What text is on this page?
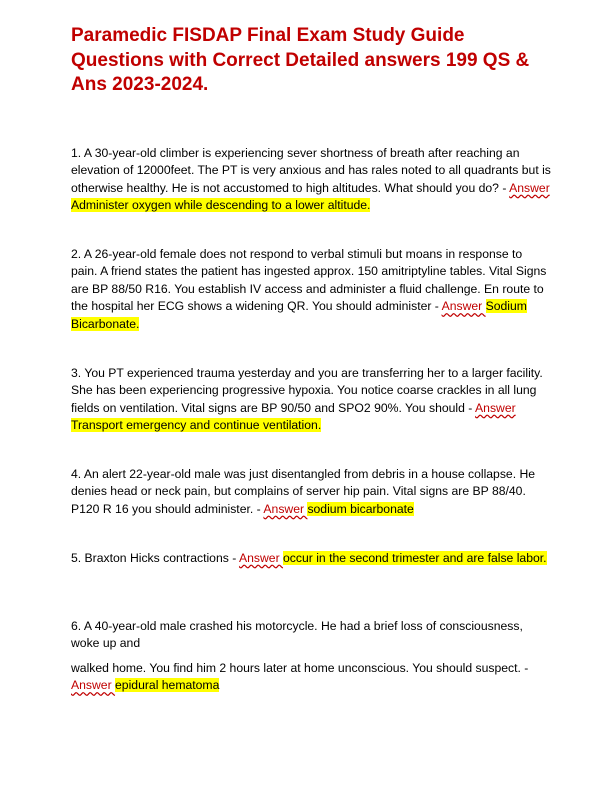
Paramedic FISDAP Final Exam Study Guide Questions with Correct Detailed answers 199 QS & Ans 2023-2024.

1. A 30-year-old climber is experiencing sever shortness of breath after reaching an elevation of 12000feet. The PT is very anxious and has rales noted to all quadrants but is otherwise healthy. He is not accustomed to high altitudes. What should you do? - Answer Administer oxygen while descending to a lower altitude.

2. A 26-year-old female does not respond to verbal stimuli but moans in response to pain. A friend states the patient has ingested approx. 150 amitriptyline tables. Vital Signs are BP 88/50 R16. You establish IV access and administer a fluid challenge. En route to the hospital her ECG shows a widening QR. You should administer - Answer Sodium Bicarbonate.

3. You PT experienced trauma yesterday and you are transferring her to a larger facility. She has been experiencing progressive hypoxia. You notice coarse crackles in all lung fields on ventilation. Vital signs are BP 90/50 and SPO2 90%. You should - Answer Transport emergency and continue ventilation.

4. An alert 22-year-old male was just disentangled from debris in a house collapse. He denies head or neck pain, but complains of server hip pain. Vital signs are BP 88/40. P120 R 16 you should administer. - Answer sodium bicarbonate

5. Braxton Hicks contractions - Answer occur in the second trimester and are false labor.

6. A 40-year-old male crashed his motorcycle. He had a brief loss of consciousness, woke up and

walked home. You find him 2 hours later at home unconscious. You should suspect. - Answer epidural hematoma
